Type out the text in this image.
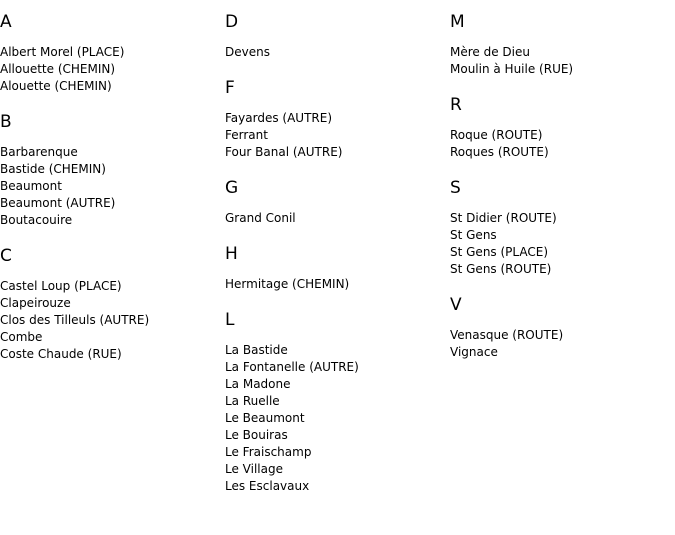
A
Albert Morel (PLACE)
Allouette (CHEMIN)
Alouette (CHEMIN)
B
Barbarenque
Bastide (CHEMIN)
Beaumont
Beaumont (AUTRE)
Boutacouire
C
Castel Loup (PLACE)
Clapeirouze
Clos des Tilleuls (AUTRE)
Combe
Coste Chaude (RUE)
D
Devens
F
Fayardes (AUTRE)
Ferrant
Four Banal (AUTRE)
G
Grand Conil
H
Hermitage (CHEMIN)
L
La Bastide
La Fontanelle (AUTRE)
La Madone
La Ruelle
Le Beaumont
Le Bouiras
Le Fraischamp
Le Village
Les Esclavaux
M
Mère de Dieu
Moulin à Huile (RUE)
R
Roque (ROUTE)
Roques (ROUTE)
S
St Didier (ROUTE)
St Gens
St Gens (PLACE)
St Gens (ROUTE)
V
Venasque (ROUTE)
Vignace
